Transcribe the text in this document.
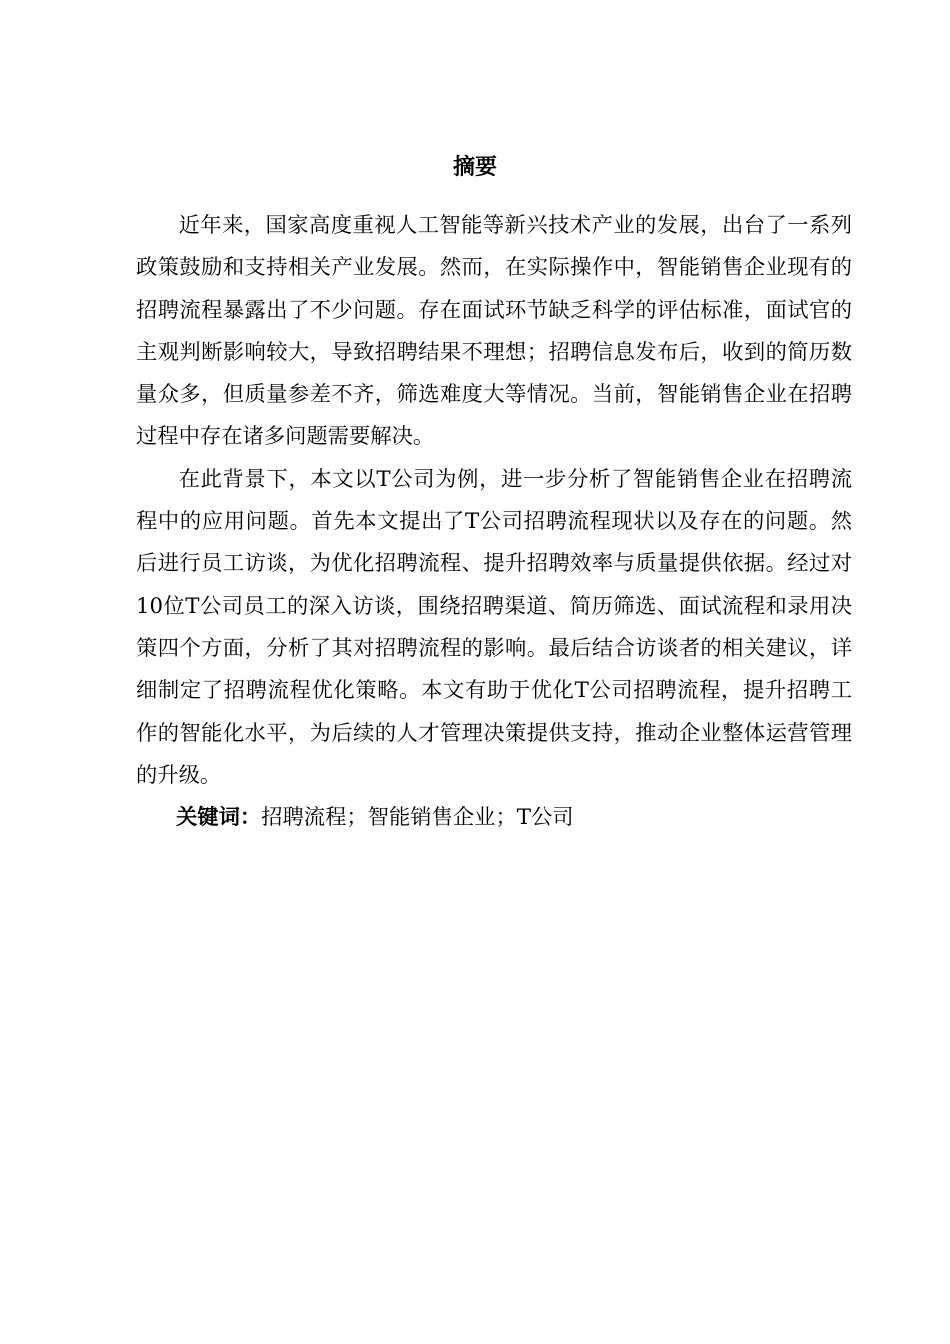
摘要

近年来，国家高度重视人工智能等新兴技术产业的发展，出台了一系列政策鼓励和支持相关产业发展。然而，在实际操作中，智能销售企业现有的招聘流程暴露出了不少问题。存在面试环节缺乏科学的评估标准，面试官的主观判断影响较大，导致招聘结果不理想；招聘信息发布后，收到的简历数量众多，但质量参差不齐，筛选难度大等情况。当前，智能销售企业在招聘过程中存在诸多问题需要解决。

在此背景下，本文以T公司为例，进一步分析了智能销售企业在招聘流程中的应用问题。首先本文提出了T公司招聘流程现状以及存在的问题。然后进行员工访谈，为优化招聘流程、提升招聘效率与质量提供依据。经过对10位T公司员工的深入访谈，围绕招聘渠道、简历筛选、面试流程和录用决策四个方面，分析了其对招聘流程的影响。最后结合访谈者的相关建议，详细制定了招聘流程优化策略。本文有助于优化T公司招聘流程，提升招聘工作的智能化水平，为后续的人才管理决策提供支持，推动企业整体运营管理的升级。

关键词：招聘流程；智能销售企业；T公司
